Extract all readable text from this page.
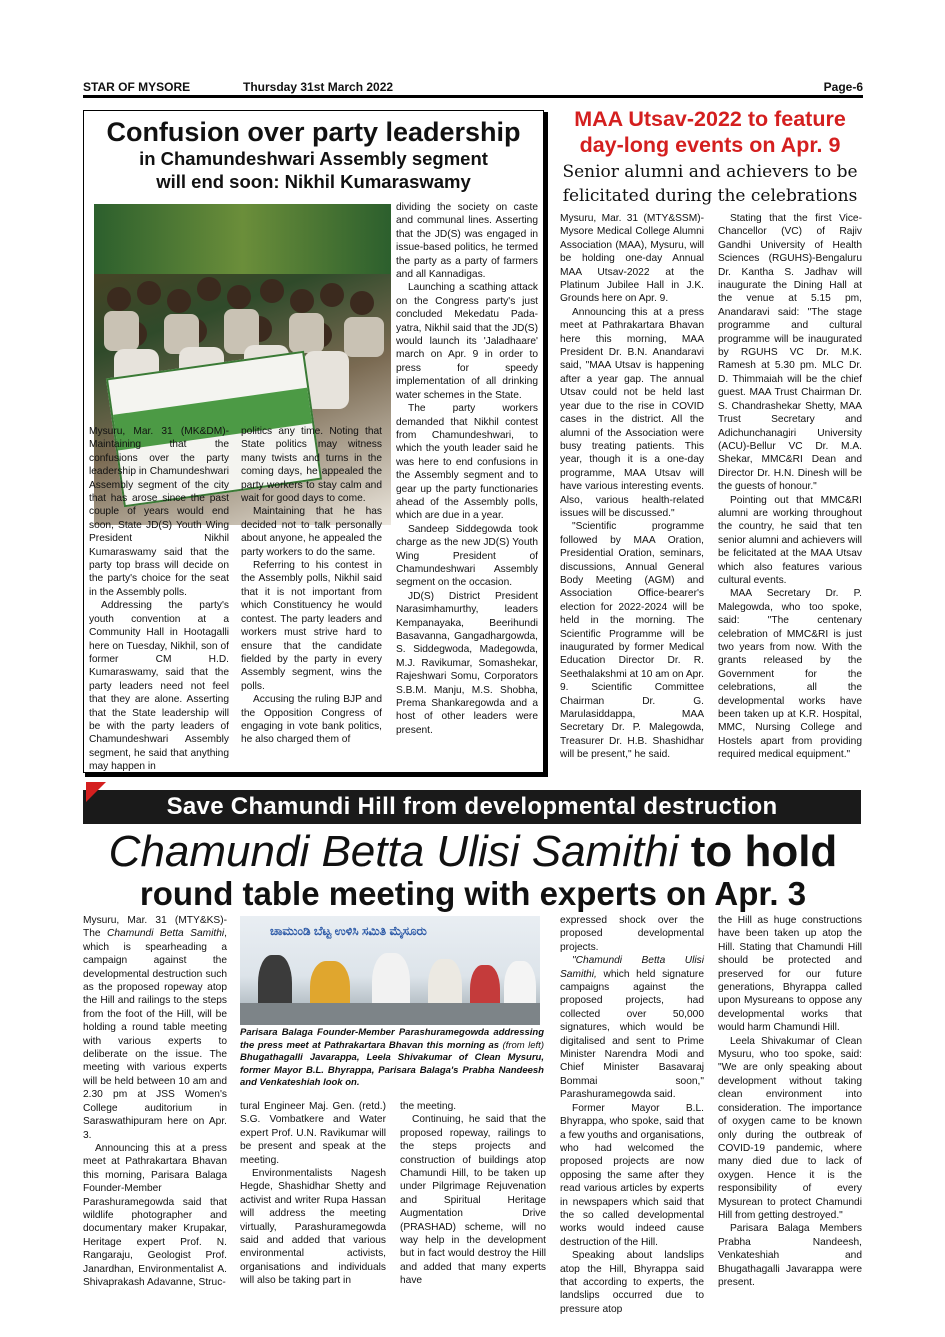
STAR OF MYSORE	Thursday 31st March 2022	Page-6
Confusion over party leadership
in Chamundeshwari Assembly segment will end soon: Nikhil Kumaraswamy

Mysuru, Mar. 31 (MK&DM)- Maintaining that the confusions over the party leadership in Chamundeshwari Assembly segment of the city that has arose since the past couple of years would end soon, State JD(S) Youth Wing President Nikhil Kumaraswamy said that the party top brass will decide on the party's choice for the seat in the Assembly polls.

Addressing the party's youth convention at a Community Hall in Hootagalli here on Tuesday, Nikhil, son of former CM H.D. Kumaraswamy, said that the party leaders need not feel that they are alone. Asserting that the State leadership will be with the party leaders of Chamundeshwari Assembly segment, he said that anything may happen in

politics any time. Noting that State politics may witness many twists and turns in the coming days, he appealed the party workers to stay calm and wait for good days to come.

Maintaining that he has decided not to talk personally about anyone, he appealed the party workers to do the same.

Referring to his contest in the Assembly polls, Nikhil said that it is not important from which Constituency he would contest. The party leaders and workers must strive hard to ensure that the candidate fielded by the party in every Assembly segment, wins the polls.

Accusing the ruling BJP and the Opposition Congress of engaging in vote bank politics, he also charged them of

dividing the society on caste and communal lines. Asserting that the JD(S) was engaged in issue-based politics, he termed the party as a party of farmers and all Kannadigas.

Launching a scathing attack on the Congress party's just concluded Mekedatu Pada- yatra, Nikhil said that the JD(S) would launch its 'Jaladhaare' march on Apr. 9 in order to press for speedy implementation of all drinking water schemes in the State.

The party workers demanded that Nikhil contest from Chamundeshwari, to which the youth leader said he was here to end confusions in the Assembly segment and to gear up the party functionaries ahead of the Assembly polls, which are due in a year.

Sandeep Siddegowda took charge as the new JD(S) Youth Wing President of Chamundeshwari Assembly segment on the occasion.

JD(S) District President Narasimhamurthy, leaders Kempanayaka, Beerihundi Basavanna, Gangadhargowda, S. Siddegwoda, Madegowda, M.J. Ravikumar, Somashekar, Rajeshwari Somu, Corporators S.B.M. Manju, M.S. Shobha, Prema Shankaregowda and a host of other leaders were present.

MAA Utsav-2022 to feature day-long events on Apr. 9
Senior alumni and achievers to be felicitated during the celebrations

Mysuru, Mar. 31 (MTY&SSM)- Mysore Medical College Alumni Association (MAA), Mysuru, will be holding one-day Annual MAA Utsav-2022 at the Platinum Jubilee Hall in J.K. Grounds here on Apr. 9.

Announcing this at a press meet at Pathrakartara Bhavan here this morning, MAA President Dr. B.N. Anandaravi said, "MAA Utsav is happening after a year gap. The annual Utsav could not be held last year due to the rise in COVID cases in the district. All the alumni of the Association were busy treating patients. This year, though it is a one-day programme, MAA Utsav will have various interesting events. Also, various health-related issues will be discussed."

"Scientific programme followed by MAA Oration, Presidential Oration, seminars, discussions, Annual General Body Meeting (AGM) and Association Office-bearer's election for 2022-2024 will be held in the morning. The Scientific Programme will be inaugurated by former Medical Education Director Dr. R. Seethalakshmi at 10 am on Apr. 9. Scientific Committee Chairman Dr. G. Marulasiddappa, MAA Secretary Dr. P. Malegowda, Treasurer Dr. H.B. Shashidhar will be present," he said.

Stating that the first Vice-Chancellor (VC) of Rajiv Gandhi University of Health Sciences (RGUHS)-Bengaluru Dr. Kantha S. Jadhav will inaugurate the Dining Hall at the venue at 5.15 pm, Anandaravi said: "The stage programme and cultural programme will be inaugurated by RGUHS VC Dr. M.K. Ramesh at 5.30 pm. MLC Dr. D. Thimmaiah will be the chief guest. MAA Trust Chairman Dr. S. Chandrashekar Shetty, MAA Trust Secretary and Adichunchanagiri University (ACU)-Bellur VC Dr. M.A. Shekar, MMC&RI Dean and Director Dr. H.N. Dinesh will be the guests of honour."

Pointing out that MMC&RI alumni are working throughout the country, he said that ten senior alumni and achievers will be felicitated at the MAA Utsav which also features various cultural events.

MAA Secretary Dr. P. Malegowda, who too spoke, said: "The centenary celebration of MMC&RI is just two years from now. With the grants released by the Government for the celebrations, all the developmental works have been taken up at K.R. Hospital, MMC, Nursing College and Hostels apart from providing required medical equipment."

Save Chamundi Hill from developmental destruction
Chamundi Betta Ulisi Samithi to hold
round table meeting with experts on Apr. 3

Mysuru, Mar. 31 (MTY&KS)- The Chamundi Betta Samithi, which is spearheading a campaign against the developmental destruction such as the proposed ropeway atop the Hill and railings to the steps from the foot of the Hill, will be holding a round table meeting with various experts to deliberate on the issue. The meeting with various experts will be held between 10 am and 2.30 pm at JSS Women's College auditorium in Saraswathipuram here on Apr. 3.

Announcing this at a press meet at Pathrakartara Bhavan this morning, Parisara Balaga Founder-Member Parashuramegowda said that wildlife photographer and documentary maker Krupakar, Heritage expert Prof. N. Rangaraju, Geologist Prof. Janardhan, Environmentalist A. Shivaprakash Adavanne, Struc-

ಚಾಮುಂಡಿ ಬೆಟ್ಟ ಉಳಿಸಿ ಸಮಿತಿ ಮೈಸೂರು
Parisara Balaga Founder-Member Parashuramegowda addressing the press meet at Pathrakartara Bhavan this morning as (from left) Bhugathagalli Javarappa, Leela Shivakumar of Clean Mysuru, former Mayor B.L. Bhyrappa, Parisara Balaga's Prabha Nandeesh and Venkateshiah look on.

tural Engineer Maj. Gen. (retd.) S.G. Vombatkere and Water expert Prof. U.N. Ravikumar will be present and speak at the meeting.

Environmentalists Nagesh Hegde, Shashidhar Shetty and activist and writer Rupa Hassan will address the meeting virtually, Parashuramegowda said and added that various environmental activists, organisations and individuals will also be taking part in

the meeting.

Continuing, he said that the proposed ropeway, railings to the steps projects and construction of buildings atop Chamundi Hill, to be taken up under Pilgrimage Rejuvenation and Spiritual Heritage Augmentation Drive (PRASHAD) scheme, will no way help in the development but in fact would destroy the Hill and added that many experts have

expressed shock over the proposed developmental projects.

"Chamundi Betta Ulisi Samithi, which held signature campaigns against the proposed projects, had collected over 50,000 signatures, which would be digitalised and sent to Prime Minister Narendra Modi and Chief Minister Basavaraj Bommai soon," Parashuramegowda said.

Former Mayor B.L. Bhyrappa, who spoke, said that a few youths and organisations, who had welcomed the proposed projects are now opposing the same after they read various articles by experts in newspapers which said that the so called developmental works would indeed cause destruction of the Hill.

Speaking about landslips atop the Hill, Bhyrappa said that according to experts, the landslips occurred due to pressure atop

the Hill as huge constructions have been taken up atop the Hill. Stating that Chamundi Hill should be protected and preserved for our future generations, Bhyrappa called upon Mysureans to oppose any developmental works that would harm Chamundi Hill.

Leela Shivakumar of Clean Mysuru, who too spoke, said: "We are only speaking about development without taking clean environment into consideration. The importance of oxygen came to be known only during the outbreak of COVID-19 pandemic, where many died due to lack of oxygen. Hence it is the responsibility of every Mysurean to protect Chamundi Hill from getting destroyed."

Parisara Balaga Members Prabha Nandeesh, Venkateshiah and Bhugathagalli Javarappa were present.
